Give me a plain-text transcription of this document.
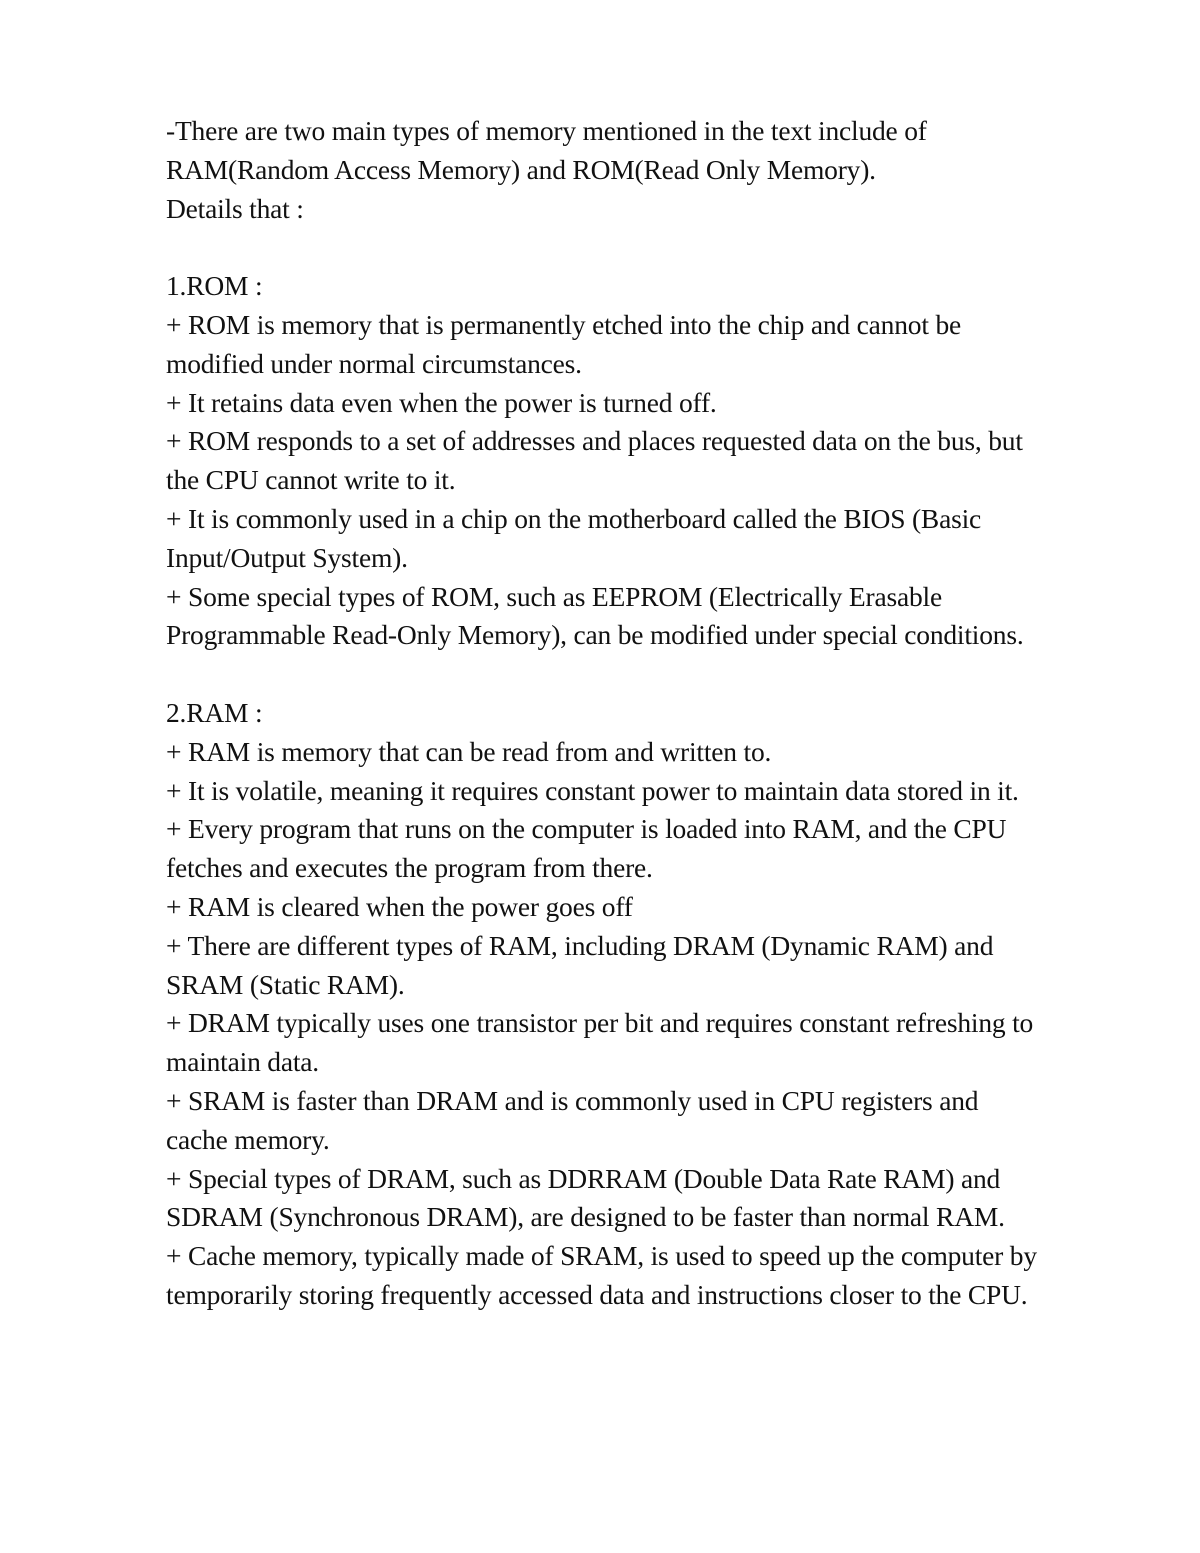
-There are two main types of memory mentioned in the text include of
RAM(Random Access Memory) and ROM(Read Only Memory).
Details that :
1.ROM :
+ ROM is memory that is permanently etched into the chip and cannot be
modified under normal circumstances.
+ It retains data even when the power is turned off.
+ ROM responds to a set of addresses and places requested data on the bus, but
the CPU cannot write to it.
+ It is commonly used in a chip on the motherboard called the BIOS (Basic
Input/Output System).
+ Some special types of ROM, such as EEPROM (Electrically Erasable
Programmable Read-Only Memory), can be modified under special conditions.
2.RAM :
+ RAM is memory that can be read from and written to.
+ It is volatile, meaning it requires constant power to maintain data stored in it.
+ Every program that runs on the computer is loaded into RAM, and the CPU
fetches and executes the program from there.
+ RAM is cleared when the power goes off
+ There are different types of RAM, including DRAM (Dynamic RAM) and
SRAM (Static RAM).
+ DRAM typically uses one transistor per bit and requires constant refreshing to
maintain data.
+ SRAM is faster than DRAM and is commonly used in CPU registers and
cache memory.
+ Special types of DRAM, such as DDRRAM (Double Data Rate RAM) and
SDRAM (Synchronous DRAM), are designed to be faster than normal RAM.
+ Cache memory, typically made of SRAM, is used to speed up the computer by
temporarily storing frequently accessed data and instructions closer to the CPU.
